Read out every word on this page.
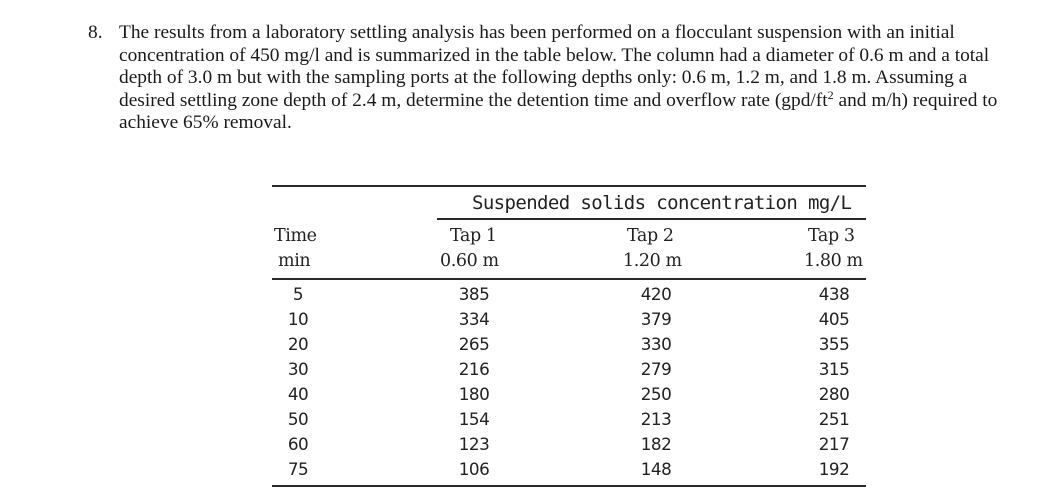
8. The results from a laboratory settling analysis has been performed on a flocculant suspension with an initial concentration of 450 mg/l and is summarized in the table below. The column had a diameter of 0.6 m and a total depth of 3.0 m but with the sampling ports at the following depths only: 0.6 m, 1.2 m, and 1.8 m. Assuming a desired settling zone depth of 2.4 m, determine the detention time and overflow rate ($gpd/ft^2$ and m/h) required to achieve 65% removal.
Suspended solids concentration mg/L
Time
min
Tap 1
0.60 m
Tap 2
1.20 m
Tap 3
1.80 m
5
10
20
30
40
50
60
75
385
334
265
216
180
154
123
106
420
379
330
279
250
213
182
148
438
405
355
315
280
251
217
192
